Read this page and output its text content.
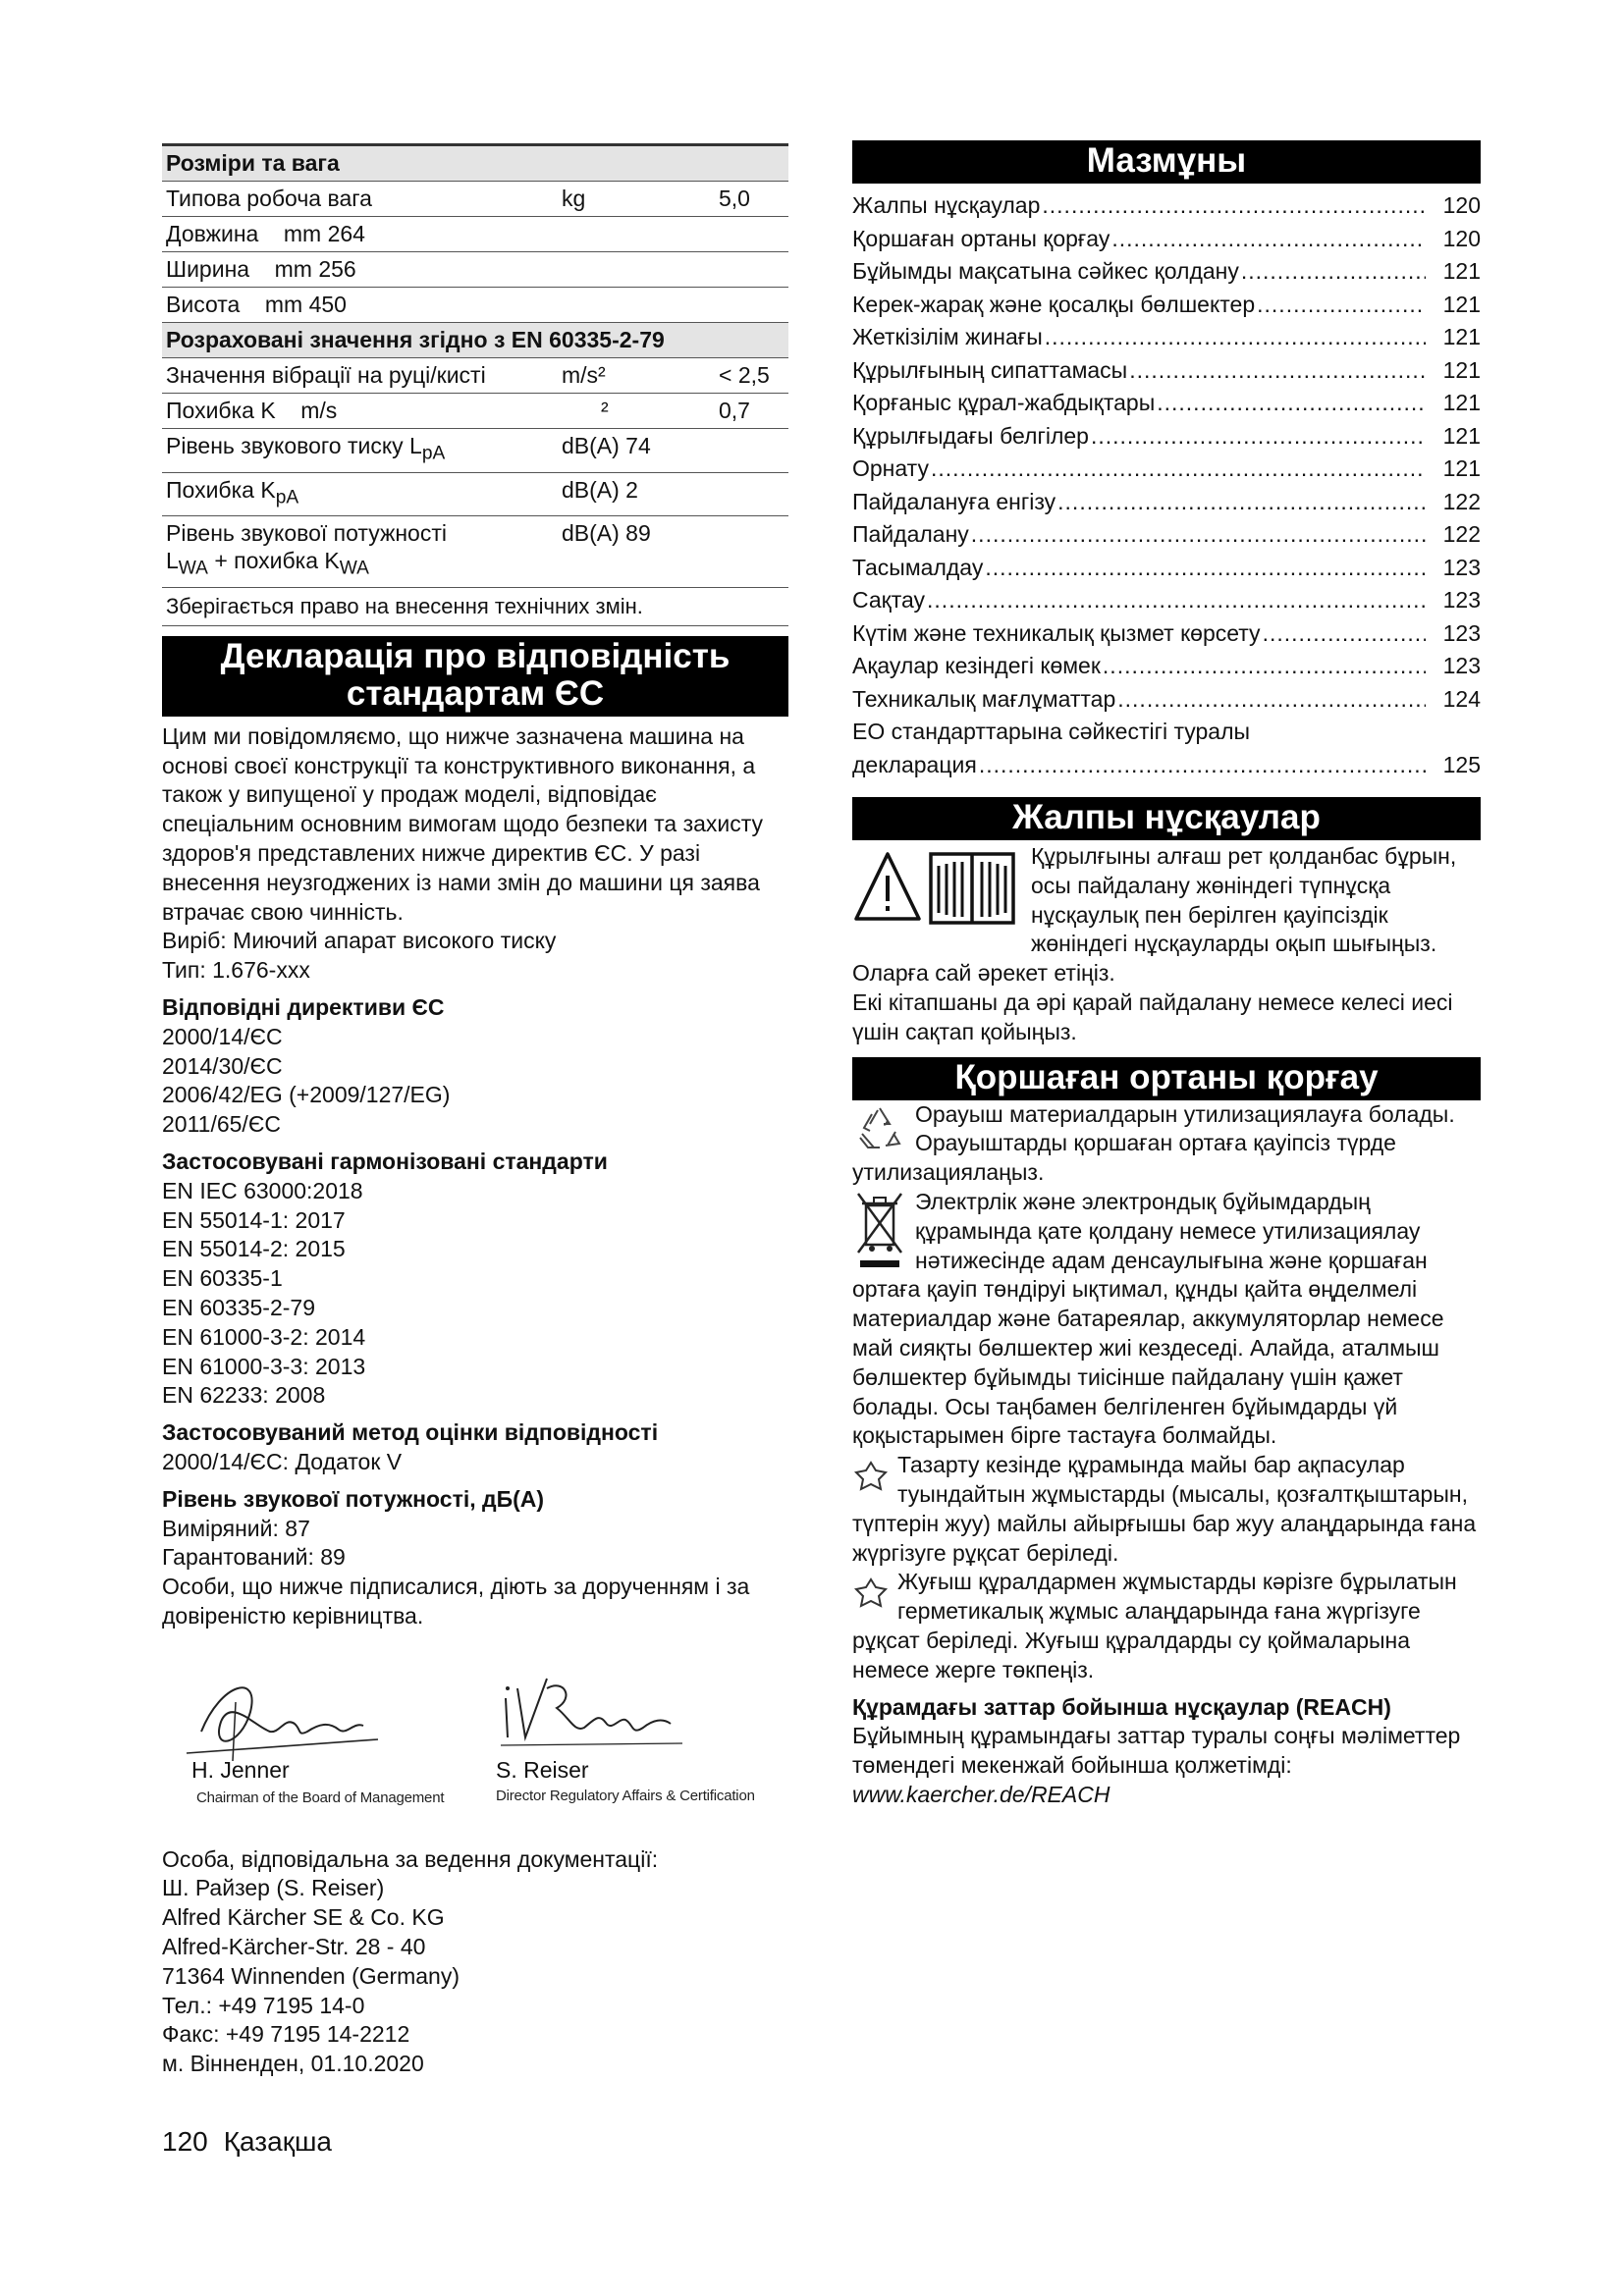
Розміри та вага		
Типова робоча вага	kg	5,0
Довжина    mm 264		
Ширина    mm 256		
Висота    mm 450		
Розраховані значення згідно з EN 60335-2-79		
Значення вібрації на руці/кисті	m/s²	< 2,5
Похибка K    m/s	²	0,7
Рівень звукового тиску $L_{pA}$	dB(A) 74	
Похибка $K_{pA}$	dB(A) 2	

Рівень звукової потужності
$L_{WA}$ + похибка $K_{WA}$	dB(A) 89	
Зберігається право на внесення технічних змін.
Декларація про відповідність
стандартам ЄС

Цим ми повідомляємо, що нижче зазначена машина на основі своєї конструкції та конструктивного виконання, а також у випущеної у продаж моделі, відповідає спеціальним основним вимогам щодо безпеки та захисту здоров'я представлених нижче директив ЄС. У разі внесення неузгоджених із нами змін до машини ця заява втрачає свою чинність.

Виріб: Миючий апарат високого тиску
Тип: 1.676-xxx
Відповідні директиви ЄС
2000/14/ЄС
2014/30/ЄС
2006/42/EG (+2009/127/EG)
2011/65/ЄС
Застосовувані гармонізовані стандарти
EN IEC 63000:2018
EN 55014-1: 2017
EN 55014-2: 2015
EN 60335-1
EN 60335-2-79
EN 61000-3-2: 2014
EN 61000-3-3: 2013
EN 62233: 2008
Застосовуваний метод оцінки відповідності
2000/14/ЄС: Додаток V
Рівень звукової потужності, дБ(А)
Виміряний: 87
Гарантований: 89

Особи, що нижче підписалися, діють за дорученням і за довіреністю керівництва.

H. Jenner
Chairman of the Board of Management
S. Reiser
Director Regulatory Affairs & Certification
Особа, відповідальна за ведення документації:
Ш. Райзер (S. Reiser)
Alfred Kärcher SE & Co. KG
Alfred-Kärcher-Str. 28 - 40
71364 Winnenden (Germany)
Тел.: +49 7195 14-0
Факс: +49 7195 14-2212
м. Вінненден, 01.10.2020
Мазмұны
Жалпы нұсқаулар .....	120
Қоршаған ортаны қорғау .....	120
Бұйымды мақсатына сәйкес қолдану .....	121
Керек-жарақ және қосалқы бөлшектер .....	121
Жеткізілім жинағы .....	121
Құрылғының сипаттамасы .....	121
Қорғаныс құрал-жабдықтары .....	121
Құрылғыдағы белгілер .....	121
Орнату .....	121
Пайдалануға енгізу .....	122
Пайдалану .....	122
Тасымалдау .....	123
Сақтау .....	123
Күтім және техникалық қызмет көрсету .....	123
Ақаулар кезіндегі көмек .....	123
Техникалық мағлұматтар .....	124
ЕО стандарттарына сәйкестігі туралы
декларация .....	125
Жалпы нұсқаулар

Құрылғыны алғаш рет қолданбас бұрын, осы пайдалану жөніндегі түпнұсқа нұсқаулық пен берілген қауіпсіздік жөніндегі нұсқауларды оқып шығыңыз. Оларға сай әрекет етіңіз.

Екі кітапшаны да әрі қарай пайдалану немесе келесі иесі үшін сақтап қойыңыз.

Қоршаған ортаны қорғау

Орауыш материалдарын утилизациялауға болады. Орауыштарды қоршаған ортаға қауіпсіз түрде утилизациялаңыз.

Электрлік және электрондық бұйымдардың құрамында қате қолдану немесе утилизациялау нәтижесінде адам денсаулығына және қоршаған ортаға қауіп төндіруі ықтимал, құнды қайта өңделмелі материалдар және батареялар, аккумуляторлар немесе май сияқты бөлшектер жиі кездеседі. Алайда, аталмыш бөлшектер бұйымды тиісінше пайдалану үшін қажет болады. Осы таңбамен белгіленген бұйымдарды үй қоқыстарымен бірге тастауға болмайды.

Тазарту кезінде құрамында майы бар ақпасулар туындайтын жұмыстарды (мысалы, қозғалтқыштарын, түптерін жуу) майлы айырғышы бар жуу алаңдарында ғана жүргізуге рұқсат беріледі.

Жуғыш құралдармен жұмыстарды кәрізге бұрылатын герметикалық жұмыс алаңдарында ғана жүргізуге рұқсат беріледі. Жуғыш құралдарды су қоймаларына немесе жерге төкпеңіз.

Құрамдағы заттар бойынша нұсқаулар (REACH)

Бұйымның құрамындағы заттар туралы соңғы мәліметтер төмендегі мекенжай бойынша қолжетімді: www.kaercher.de/REACH

120 Қазақша
